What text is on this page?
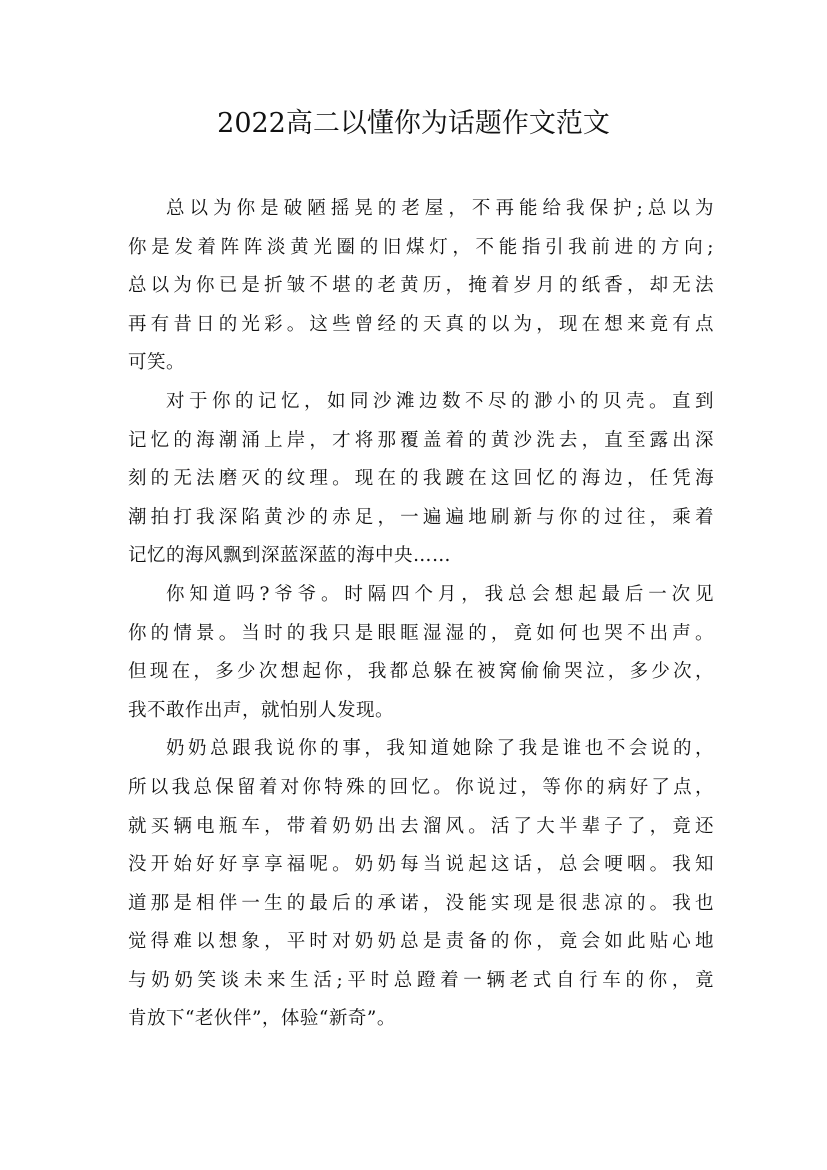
2022高二以懂你为话题作文范文
总以为你是破陋摇晃的老屋，不再能给我保护;总以为
你是发着阵阵淡黄光圈的旧煤灯，不能指引我前进的方向;
总以为你已是折皱不堪的老黄历，掩着岁月的纸香，却无法
再有昔日的光彩。这些曾经的天真的以为，现在想来竟有点
可笑。
对于你的记忆，如同沙滩边数不尽的渺小的贝壳。直到
记忆的海潮涌上岸，才将那覆盖着的黄沙洗去，直至露出深
刻的无法磨灭的纹理。现在的我踱在这回忆的海边，任凭海
潮拍打我深陷黄沙的赤足，一遍遍地刷新与你的过往，乘着
记忆的海风飘到深蓝深蓝的海中央……
你知道吗?爷爷。时隔四个月，我总会想起最后一次见
你的情景。当时的我只是眼眶湿湿的，竟如何也哭不出声。
但现在，多少次想起你，我都总躲在被窝偷偷哭泣，多少次，
我不敢作出声，就怕别人发现。
奶奶总跟我说你的事，我知道她除了我是谁也不会说的，
所以我总保留着对你特殊的回忆。你说过，等你的病好了点，
就买辆电瓶车，带着奶奶出去溜风。活了大半辈子了，竟还
没开始好好享享福呢。奶奶每当说起这话，总会哽咽。我知
道那是相伴一生的最后的承诺，没能实现是很悲凉的。我也
觉得难以想象，平时对奶奶总是责备的你，竟会如此贴心地
与奶奶笑谈未来生活;平时总蹬着一辆老式自行车的你，竟
肯放下“老伙伴”，体验“新奇”。
